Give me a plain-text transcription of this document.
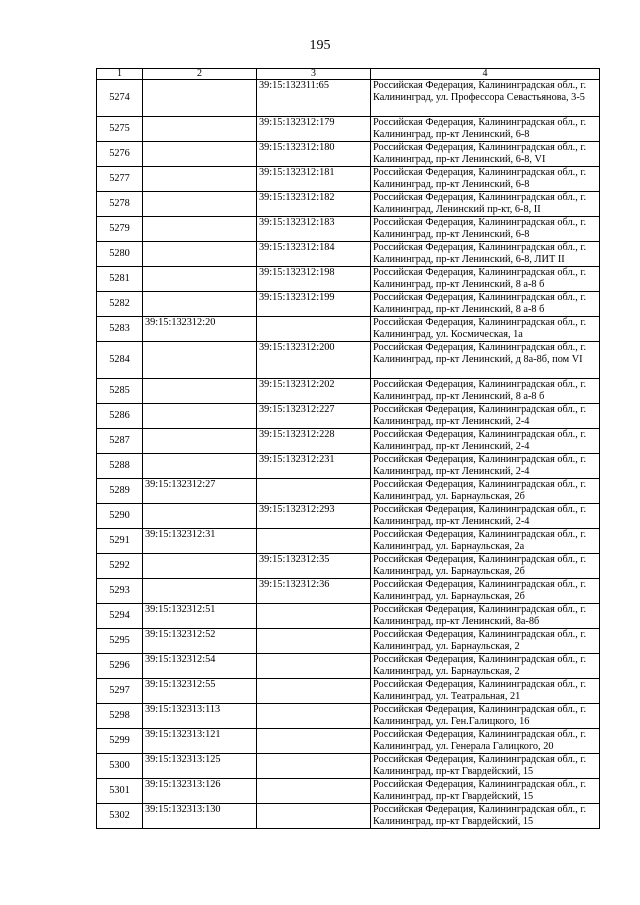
195
1	2	3	4
5274		39:15:132311:65	Российская Федерация, Калининградская обл., г. Калининград, ул. Профессора Севастьянова, 3-5
5275		39:15:132312:179	Российская Федерация, Калининградская обл., г. Калининград, пр-кт Ленинский, 6-8
5276		39:15:132312:180	Российская Федерация, Калининградская обл., г. Калининград, пр-кт Ленинский, 6-8, VI
5277		39:15:132312:181	Российская Федерация, Калининградская обл., г. Калининград, пр-кт Ленинский, 6-8
5278		39:15:132312:182	Российская Федерация, Калининградская обл., г. Калининград, Ленинский пр-кт, 6-8, II
5279		39:15:132312:183	Российская Федерация, Калининградская обл., г. Калининград, пр-кт Ленинский, 6-8
5280		39:15:132312:184	Российская Федерация, Калининградская обл., г. Калининград, пр-кт Ленинский, 6-8, ЛИТ II
5281		39:15:132312:198	Российская Федерация, Калининградская обл., г. Калининград, пр-кт Ленинский, 8 а-8 б
5282		39:15:132312:199	Российская Федерация, Калининградская обл., г. Калининград, пр-кт Ленинский, 8 а-8 б
5283	39:15:132312:20		Российская Федерация, Калининградская обл., г. Калининград, ул. Космическая, 1а
5284		39:15:132312:200	Российская Федерация, Калининградская обл., г. Калининград, пр-кт Ленинский, д 8а-8б, пом VI
5285		39:15:132312:202	Российская Федерация, Калининградская обл., г. Калининград, пр-кт Ленинский, 8 а-8 б
5286		39:15:132312:227	Российская Федерация, Калининградская обл., г. Калининград, пр-кт Ленинский, 2-4
5287		39:15:132312:228	Российская Федерация, Калининградская обл., г. Калининград, пр-кт Ленинский, 2-4
5288		39:15:132312:231	Российская Федерация, Калининградская обл., г. Калининград, пр-кт Ленинский, 2-4
5289	39:15:132312:27		Российская Федерация, Калининградская обл., г. Калининград, ул. Барнаульская, 2б
5290		39:15:132312:293	Российская Федерация, Калининградская обл., г. Калининград, пр-кт Ленинский, 2-4
5291	39:15:132312:31		Российская Федерация, Калининградская обл., г. Калининград, ул. Барнаульская, 2а
5292		39:15:132312:35	Российская Федерация, Калининградская обл., г. Калининград, ул. Барнаульская, 2б
5293		39:15:132312:36	Российская Федерация, Калининградская обл., г. Калининград, ул. Барнаульская, 2б
5294	39:15:132312:51		Российская Федерация, Калининградская обл., г. Калининград, пр-кт Ленинский, 8а-8б
5295	39:15:132312:52		Российская Федерация, Калининградская обл., г. Калининград, ул. Барнаульская, 2
5296	39:15:132312:54		Российская Федерация, Калининградская обл., г. Калининград, ул. Барнаульская, 2
5297	39:15:132312:55		Российская Федерация, Калининградская обл., г. Калининград, ул. Театральная, 21
5298	39:15:132313:113		Российская Федерация, Калининградская обл., г. Калининград, ул. Ген.Галицкого, 16
5299	39:15:132313:121		Российская Федерация, Калининградская обл., г. Калининград, ул. Генерала Галицкого, 20
5300	39:15:132313:125		Российская Федерация, Калининградская обл., г. Калининград, пр-кт Гвардейский, 15
5301	39:15:132313:126		Российская Федерация, Калининградская обл., г. Калининград, пр-кт Гвардейский, 15
5302	39:15:132313:130		Российская Федерация, Калининградская обл., г. Калининград, пр-кт Гвардейский, 15
